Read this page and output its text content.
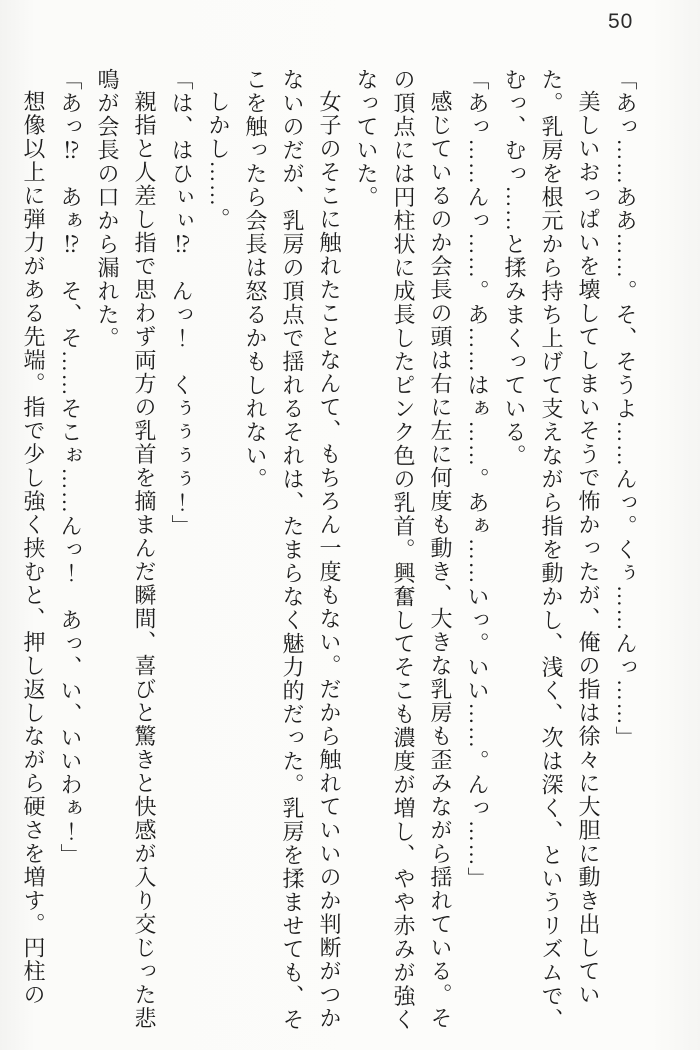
50
「あっ……ああ……。そ、そうよ……んっ。くぅ……んっ……」
美しいおっぱいを壊してしまいそうで怖かったが、俺の指は徐々に大胆に動き出していた。乳房を根元から持ち上げて支えながら指を動かし、浅く、次は深く、というリズムで、むっ、むっ……と揉みまくっている。
「あっ……んっ……。あ……はぁ……。あぁ……いっ。いい……。んっ……」
感じているのか会長の頭は右に左に何度も動き、大きな乳房も歪みながら揺れている。その頂点には円柱状に成長したピンク色の乳首。興奮してそこも濃度が増し、やや赤みが強くなっていた。
女子のそこに触れたことなんて、もちろん一度もない。だから触れていいのか判断がつかないのだが、乳房の頂点で揺れるそれは、たまらなく魅力的だった。乳房を揉ませても、そこを触ったら会長は怒るかもしれない。
しかし……。
「は、はひぃぃ⁉　んっ！　くぅぅぅぅ！」
親指と人差し指で思わず両方の乳首を摘まんだ瞬間、喜びと驚きと快感が入り交じった悲鳴が会長の口から漏れた。
「あっ⁉　あぁ⁉　そ、そ……そこぉ……んっ！　あっ、い、いいわぁ！」
想像以上に弾力がある先端。指で少し強く挟むと、押し返しながら硬さを増す。円柱の
